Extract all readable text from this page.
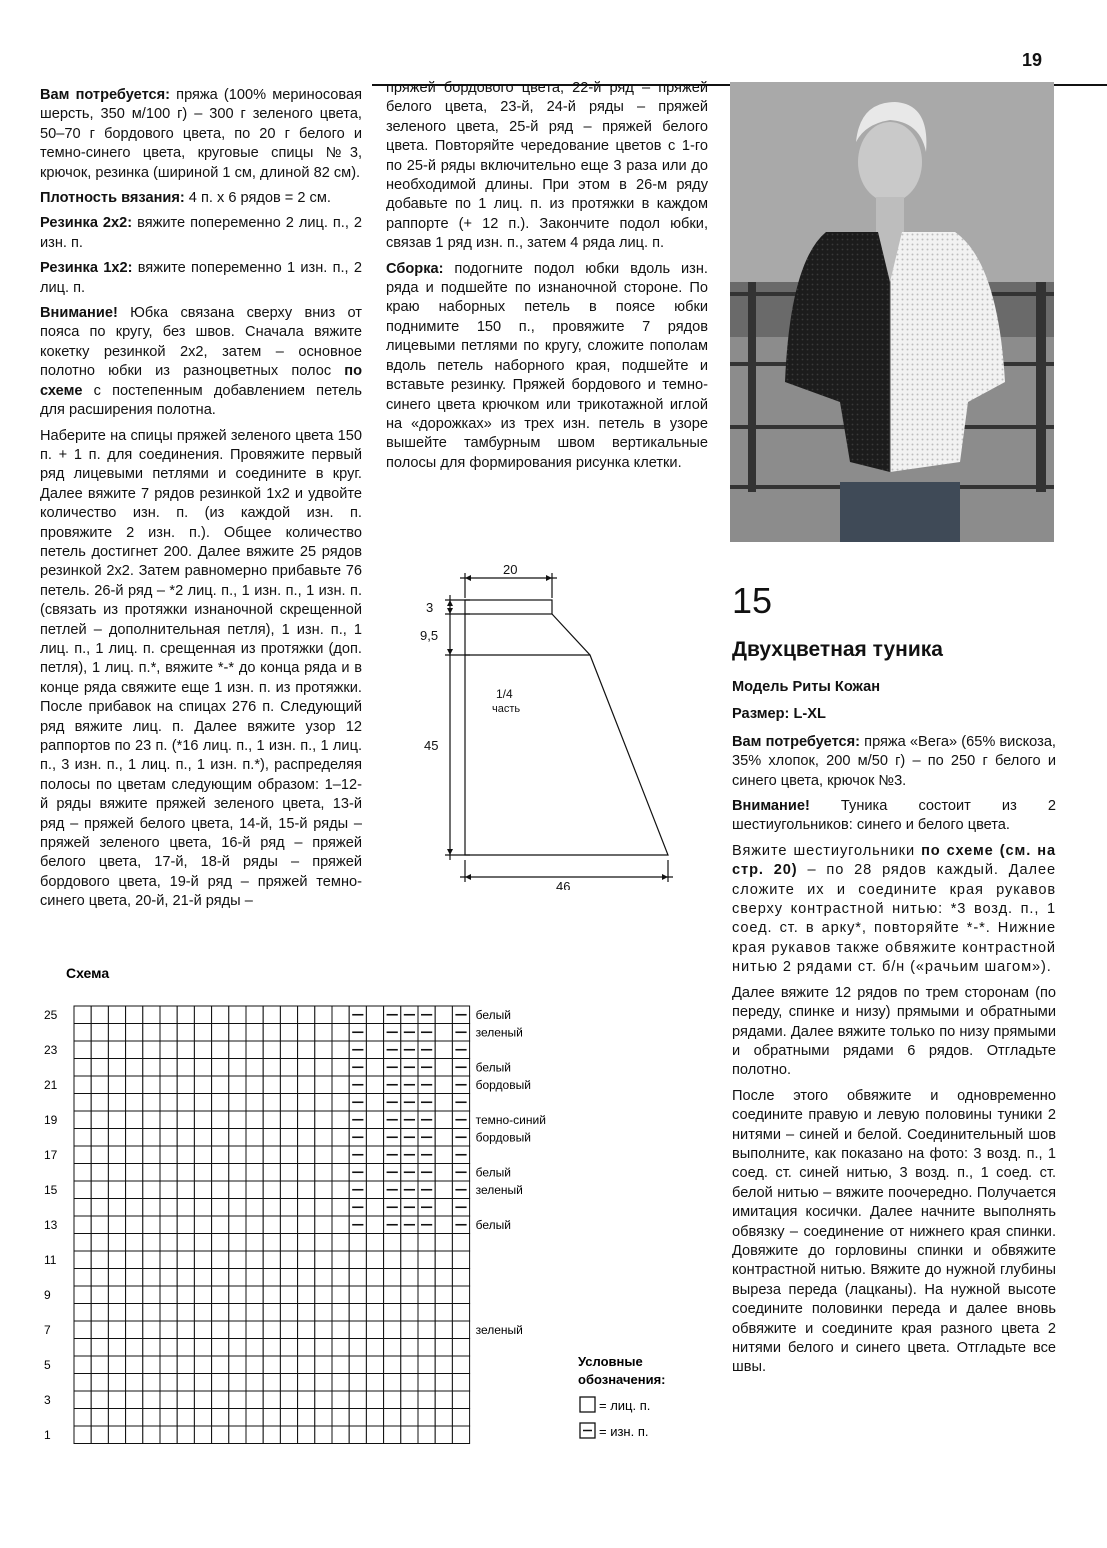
19

Вам потребуется: пряжа (100% мериносовая шерсть, 350 м/100 г) – 300 г зеленого цвета, 50–70 г бордового цвета, по 20 г белого и темно-синего цвета, круговые спицы №3, крючок, резинка (шириной 1 см, длиной 82 см).

Плотность вязания: 4 п. х 6 рядов = 2 см.

Резинка 2х2: вяжите попеременно 2 лиц. п., 2 изн. п.

Резинка 1х2: вяжите попеременно 1 изн. п., 2 лиц. п.

Внимание! Юбка связана сверху вниз от пояса по кругу, без швов. Сначала вяжите кокетку резинкой 2х2, затем – основное полотно юбки из разноцветных полос по схеме с постепенным добавлением петель для расширения полотна.

Наберите на спицы пряжей зеленого цвета 150 п. + 1 п. для соединения. Провяжите первый ряд лицевыми петлями и соедините в круг. Далее вяжите 7 рядов резинкой 1х2 и удвойте количество изн. п. (из каждой изн. п. провяжите 2 изн. п.). Общее количество петель достигнет 200. Далее вяжите 25 рядов резинкой 2х2. Затем равномерно прибавьте 76 петель. 26-й ряд – *2 лиц. п., 1 изн. п., 1 изн. п. (связать из протяжки изнаночной скрещенной петлей – дополнительная петля), 1 изн. п., 1 лиц. п., 1 лиц. п. срещенная из протяжки (доп. петля), 1 лиц. п.*, вяжите *-* до конца ряда и в конце ряда свяжите еще 1 изн. п. из протяжки. После прибавок на спицах 276 п. Следующий ряд вяжите лиц. п. Далее вяжите узор 12 раппортов по 23 п. (*16 лиц. п., 1 изн. п., 1 лиц. п., 3 изн. п., 1 лиц. п., 1 изн. п.*), распределяя полосы по цветам следующим образом: 1–12-й ряды вяжите пряжей зеленого цвета, 13-й ряд – пряжей белого цвета, 14-й, 15-й ряды – пряжей зеленого цвета, 16-й ряд – пряжей белого цвета, 17-й, 18-й ряды – пряжей бордового цвета, 19-й ряд – пряжей темно-синего цвета, 20-й, 21-й ряды –

пряжей бордового цвета, 22-й ряд – пряжей белого цвета, 23-й, 24-й ряды – пряжей зеленого цвета, 25-й ряд – пряжей белого цвета. Повторяйте чередование цветов с 1-го по 25-й ряды включительно еще 3 раза или до необходимой длины. При этом в 26-м ряду добавьте по 1 лиц. п. из протяжки в каждом раппорте (+ 12 п.). Закончите подол юбки, связав 1 ряд изн. п., затем 4 ряда лиц. п.

Сборка: подогните подол юбки вдоль изн. ряда и подшейте по изнаночной стороне. По краю наборных петель в поясе юбки поднимите 150 п., провяжите 7 рядов лицевыми петлями по кругу, сложите пополам вдоль петель наборного края, подшейте и вставьте резинку. Пряжей бордового и темно-синего цвета крючком или трикотажной иглой на «дорожках» из трех изн. петель в узоре вышейте тамбурным швом вертикальные полосы для формирования рисунка клетки.

20
3
9,5
45
46
1/4
часть
Схема
25
23
21
19
17
15
13
11
9
7
5
3
1
белый
зеленый
белый
бордовый
темно-синий
бордовый
белый
зеленый
белый
зеленый
Условные
обозначения:
= лиц. п.
= изн. п.
15
Двухцветная туника

Модель Риты Кожан

Размер: L-XL

Вам потребуется: пряжа «Вега» (65% вискоза, 35% хлопок, 200 м/50 г) – по 250 г белого и синего цвета, крючок №3.

Внимание! Туника состоит из 2 шестиугольников: синего и белого цвета.

Вяжите шестиугольники по схеме (см. на стр. 20) – по 28 рядов каждый. Далее сложите их и соедините края рукавов сверху контрастной нитью: *3 возд. п., 1 соед. ст. в арку*, повторяйте *-*. Нижние края рукавов также обвяжите контрастной нитью 2 рядами ст. б/н («рачьим шагом»).

Далее вяжите 12 рядов по трем сторонам (по переду, спинке и низу) прямыми и обратными рядами. Далее вяжите только по низу прямыми и обратными рядами 6 рядов. Отгладьте полотно.

После этого обвяжите и одновременно соедините правую и левую половины туники 2 нитями – синей и белой. Соединительный шов выполните, как показано на фото: 3 возд. п., 1 соед. ст. синей нитью, 3 возд. п., 1 соед. ст. белой нитью – вяжите поочередно. Получается имитация косички. Далее начните выполнять обвязку – соединение от нижнего края спинки. Довяжите до горловины спинки и обвяжите контрастной нитью. Вяжите до нужной глубины выреза переда (лацканы). На нужной высоте соедините половинки переда и далее вновь обвяжите и соедините края разного цвета 2 нитями белого и синего цвета. Отгладьте все швы.
